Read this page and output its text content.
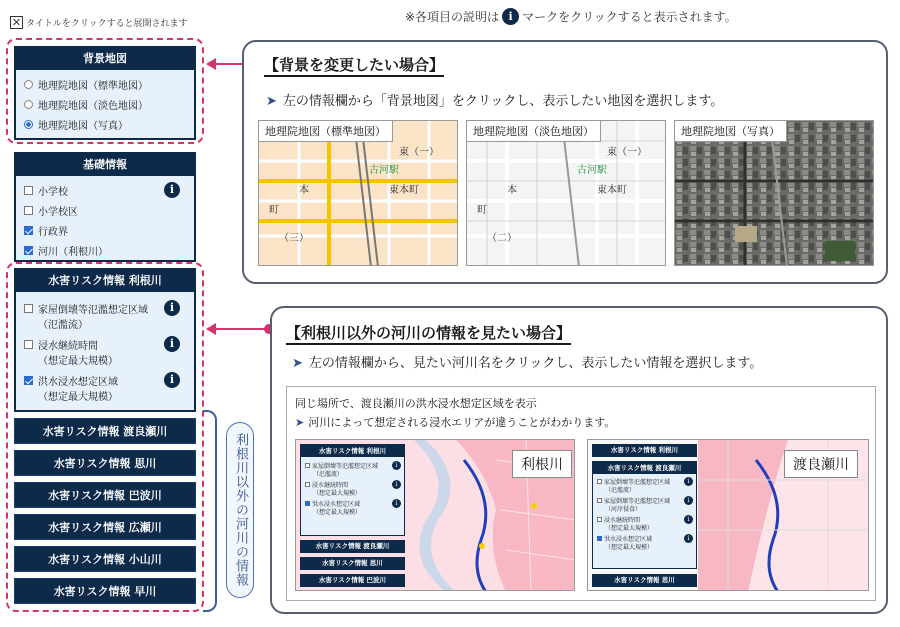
✕ タイトルをクリックすると展開されます
背景地図
地理院地図（標準地図）
地理院地図（淡色地図）
地理院地図（写真）
基礎情報
小学校	i
小学校区
行政界
河川（利根川）
水害リスク情報 利根川
家屋倒壊等氾濫想定区域	i
（氾濫流）
浸水継続時間	i
（想定最大規模）
洪水浸水想定区域	i
（想定最大規模）
水害リスク情報 渡良瀬川
水害リスク情報 思川
水害リスク情報 巴波川
水害リスク情報 広瀬川
水害リスク情報 小山川
水害リスク情報 早川
利根川以外の河川の情報
※各項目の説明は i マークをクリックすると表示されます。
【背景を変更したい場合】
➤ 左の情報欄から「背景地図」をクリックし、表示したい地図を選択します。
地理院地図（標準地図）
東 （一）
東本町
本
町
（三）
古河駅
地理院地図（淡色地図）
東 （一）
東本町
本
町
（二）
古河駅
地理院地図（写真）
【利根川以外の河川の情報を見たい場合】
➤ 左の情報欄から、見たい河川名をクリックし、表示したい情報を選択します。
同じ場所で、渡良瀬川の洪水浸水想定区域を表示
➤ 河川によって想定される浸水エリアが違うことがわかります。
利根川
水害リスク情報 利根川
家屋倒壊等氾濫想定区域	i
（氾濫流）
浸水継続時間	i
（想定最大規模）
洪水浸水想定区域	i
（想定最大規模）
水害リスク情報 渡良瀬川
水害リスク情報 思川
水害リスク情報 巴波川
渡良瀬川
水害リスク情報 利根川
水害リスク情報 渡良瀬川
家屋倒壊等氾濫想定区域	i
（氾濫流）
家屋倒壊等氾濫想定区域	i
（河岸侵食）
浸水継続時間	i
（想定最大規模）
洪水浸水想定区域	i
（想定最大規模）
水害リスク情報 思川
